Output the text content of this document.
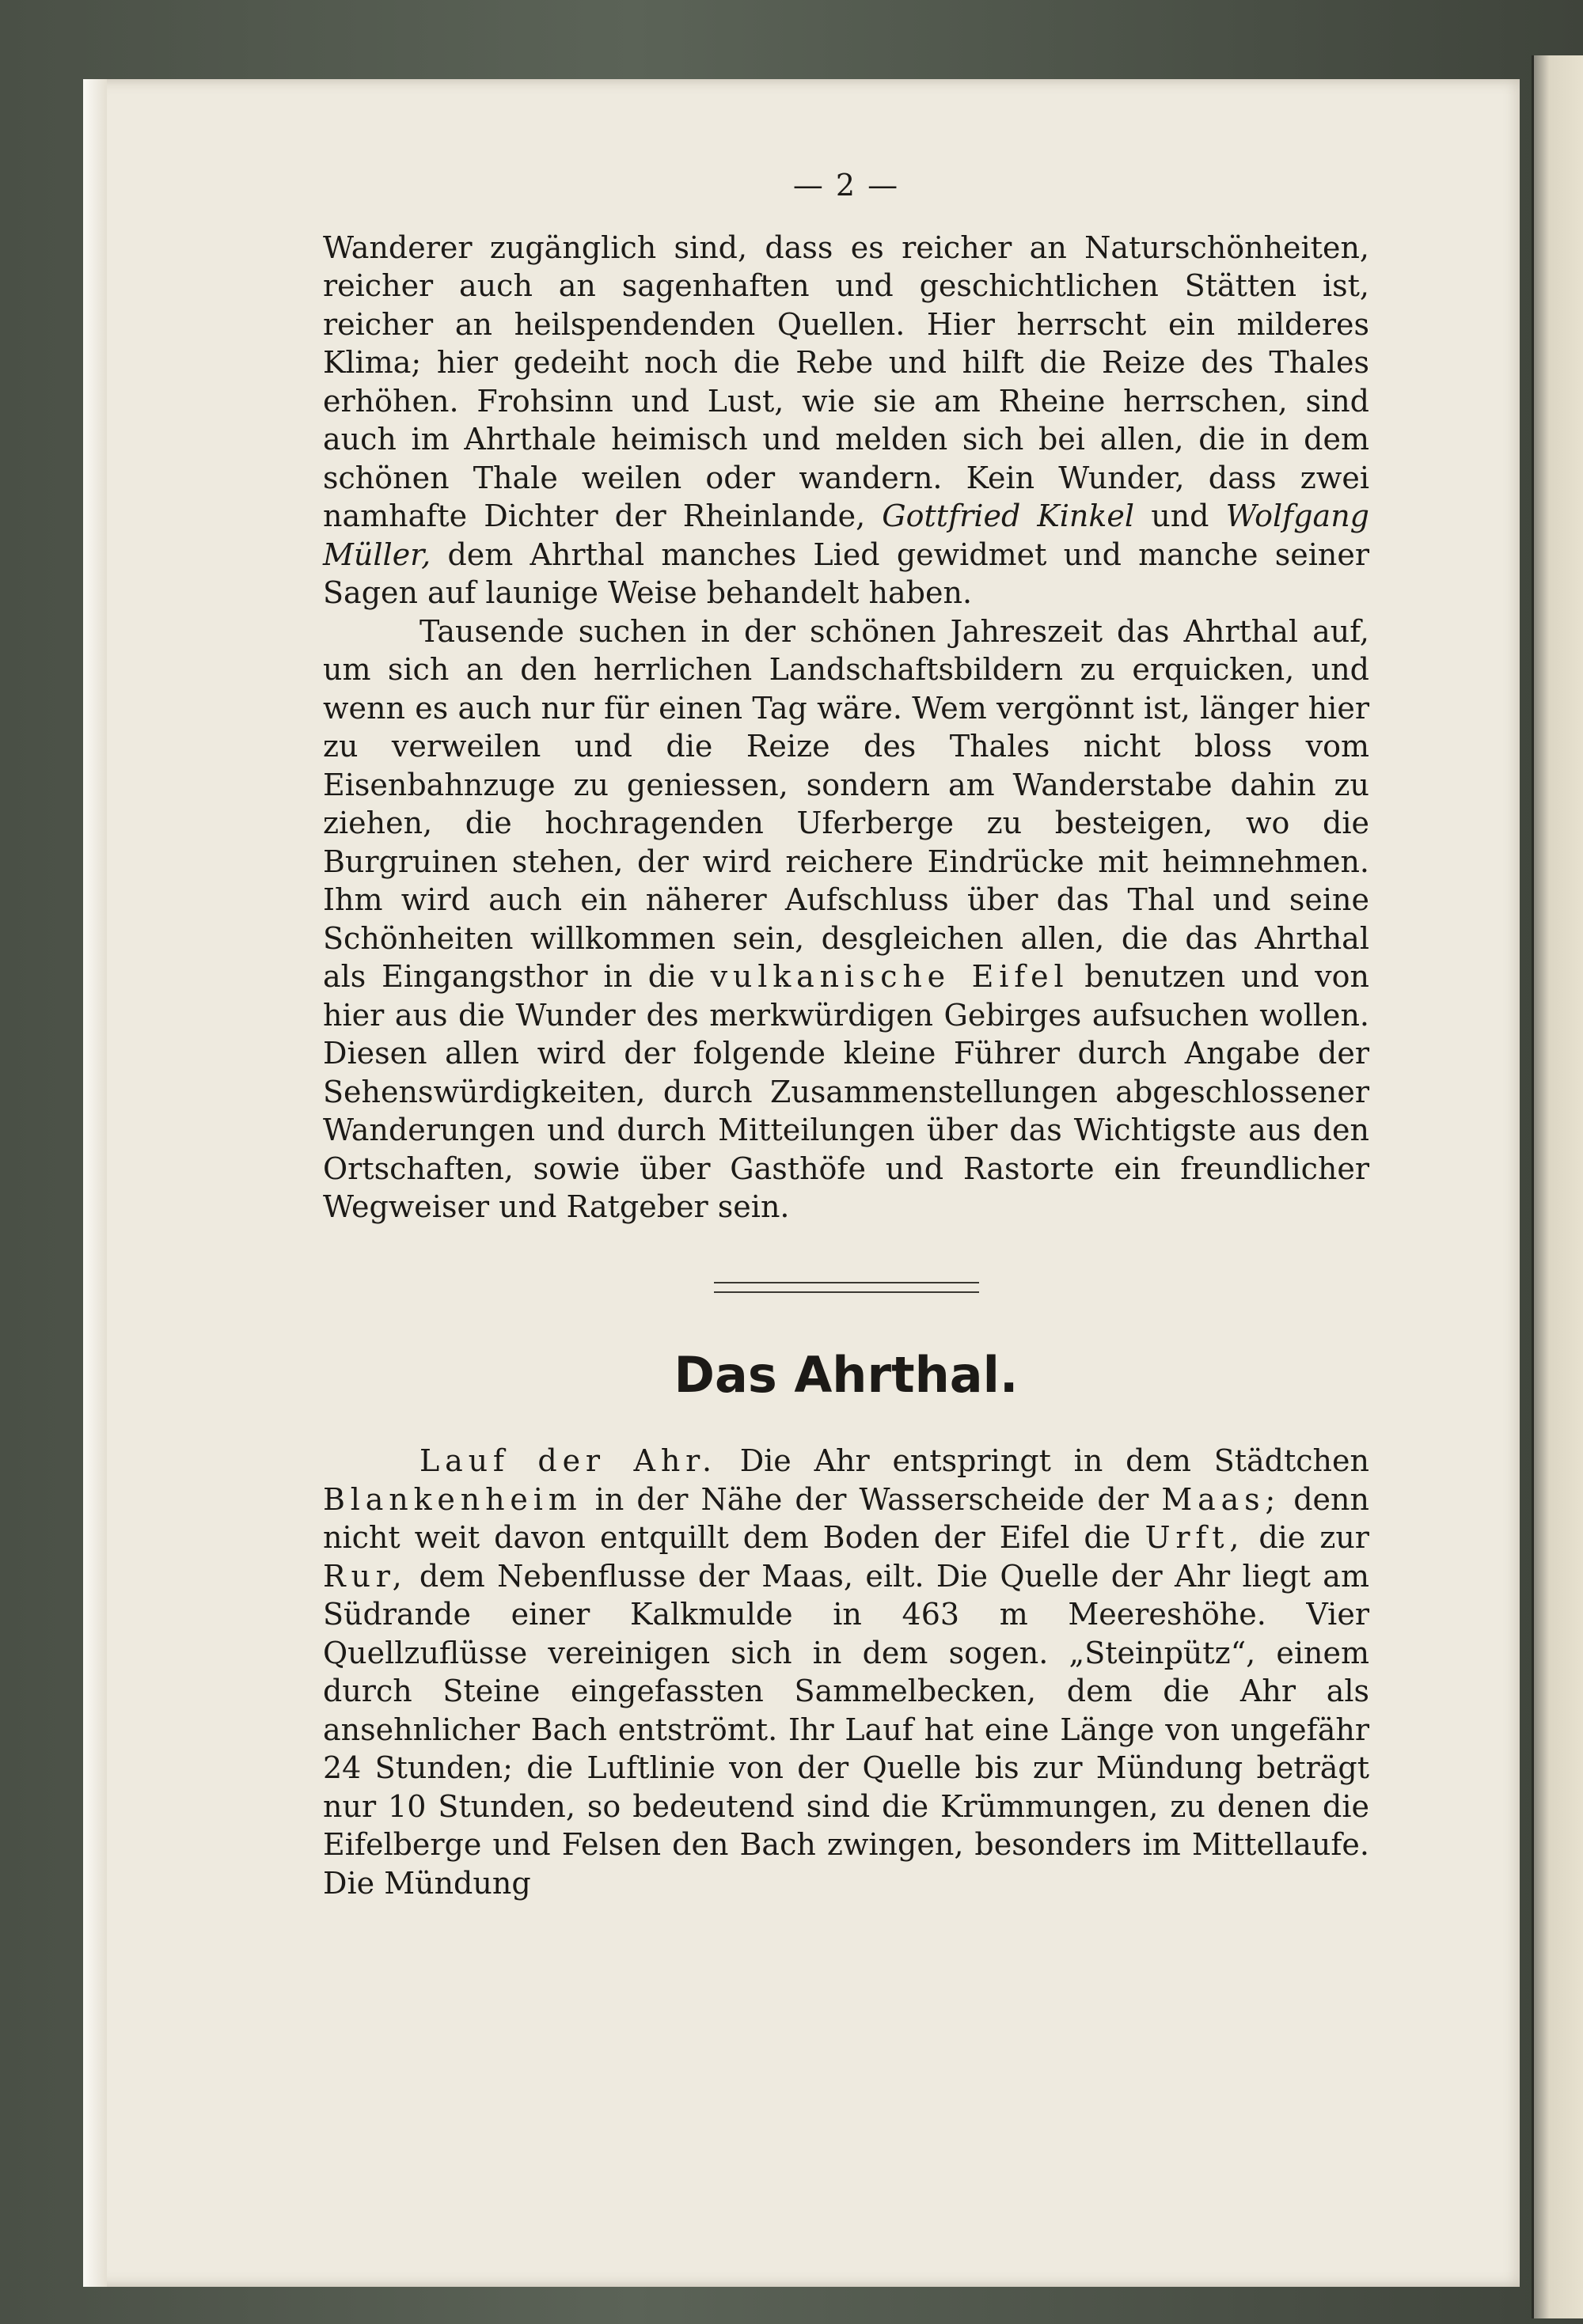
— 2 —

Wanderer zugänglich sind, dass es reicher an Naturschönheiten, reicher auch an sagenhaften und geschichtlichen Stätten ist, reicher an heilspendenden Quellen. Hier herrscht ein milderes Klima; hier gedeiht noch die Rebe und hilft die Reize des Thales erhöhen. Frohsinn und Lust, wie sie am Rheine herrschen, sind auch im Ahrthale heimisch und melden sich bei allen, die in dem schönen Thale weilen oder wandern. Kein Wunder, dass zwei namhafte Dichter der Rheinlande, Gottfried Kinkel und Wolfgang Müller, dem Ahrthal manches Lied gewidmet und manche seiner Sagen auf launige Weise behandelt haben.

Tausende suchen in der schönen Jahreszeit das Ahrthal auf, um sich an den herrlichen Landschaftsbildern zu erquicken, und wenn es auch nur für einen Tag wäre. Wem vergönnt ist, länger hier zu verweilen und die Reize des Thales nicht bloss vom Eisenbahnzuge zu geniessen, sondern am Wanderstabe dahin zu ziehen, die hochragenden Uferberge zu besteigen, wo die Burgruinen stehen, der wird reichere Eindrücke mit heimnehmen. Ihm wird auch ein näherer Aufschluss über das Thal und seine Schönheiten willkommen sein, desgleichen allen, die das Ahrthal als Eingangsthor in die vulkanische Eifel benutzen und von hier aus die Wunder des merkwürdigen Gebirges aufsuchen wollen. Diesen allen wird der folgende kleine Führer durch Angabe der Sehenswürdigkeiten, durch Zusammenstellungen abgeschlossener Wanderungen und durch Mitteilungen über das Wichtigste aus den Ortschaften, sowie über Gasthöfe und Rastorte ein freundlicher Wegweiser und Ratgeber sein.

Das Ahrthal.

Lauf der Ahr. Die Ahr entspringt in dem Städtchen Blankenheim in der Nähe der Wasserscheide der Maas; denn nicht weit davon entquillt dem Boden der Eifel die Urft, die zur Rur, dem Nebenflusse der Maas, eilt. Die Quelle der Ahr liegt am Südrande einer Kalkmulde in 463 m Meereshöhe. Vier Quellzuflüsse vereinigen sich in dem sogen. „Steinpütz“, einem durch Steine eingefassten Sammelbecken, dem die Ahr als ansehnlicher Bach entströmt. Ihr Lauf hat eine Länge von ungefähr 24 Stunden; die Luftlinie von der Quelle bis zur Mündung beträgt nur 10 Stunden, so bedeutend sind die Krümmungen, zu denen die Eifelberge und Felsen den Bach zwingen, besonders im Mittellaufe. Die Mündung
